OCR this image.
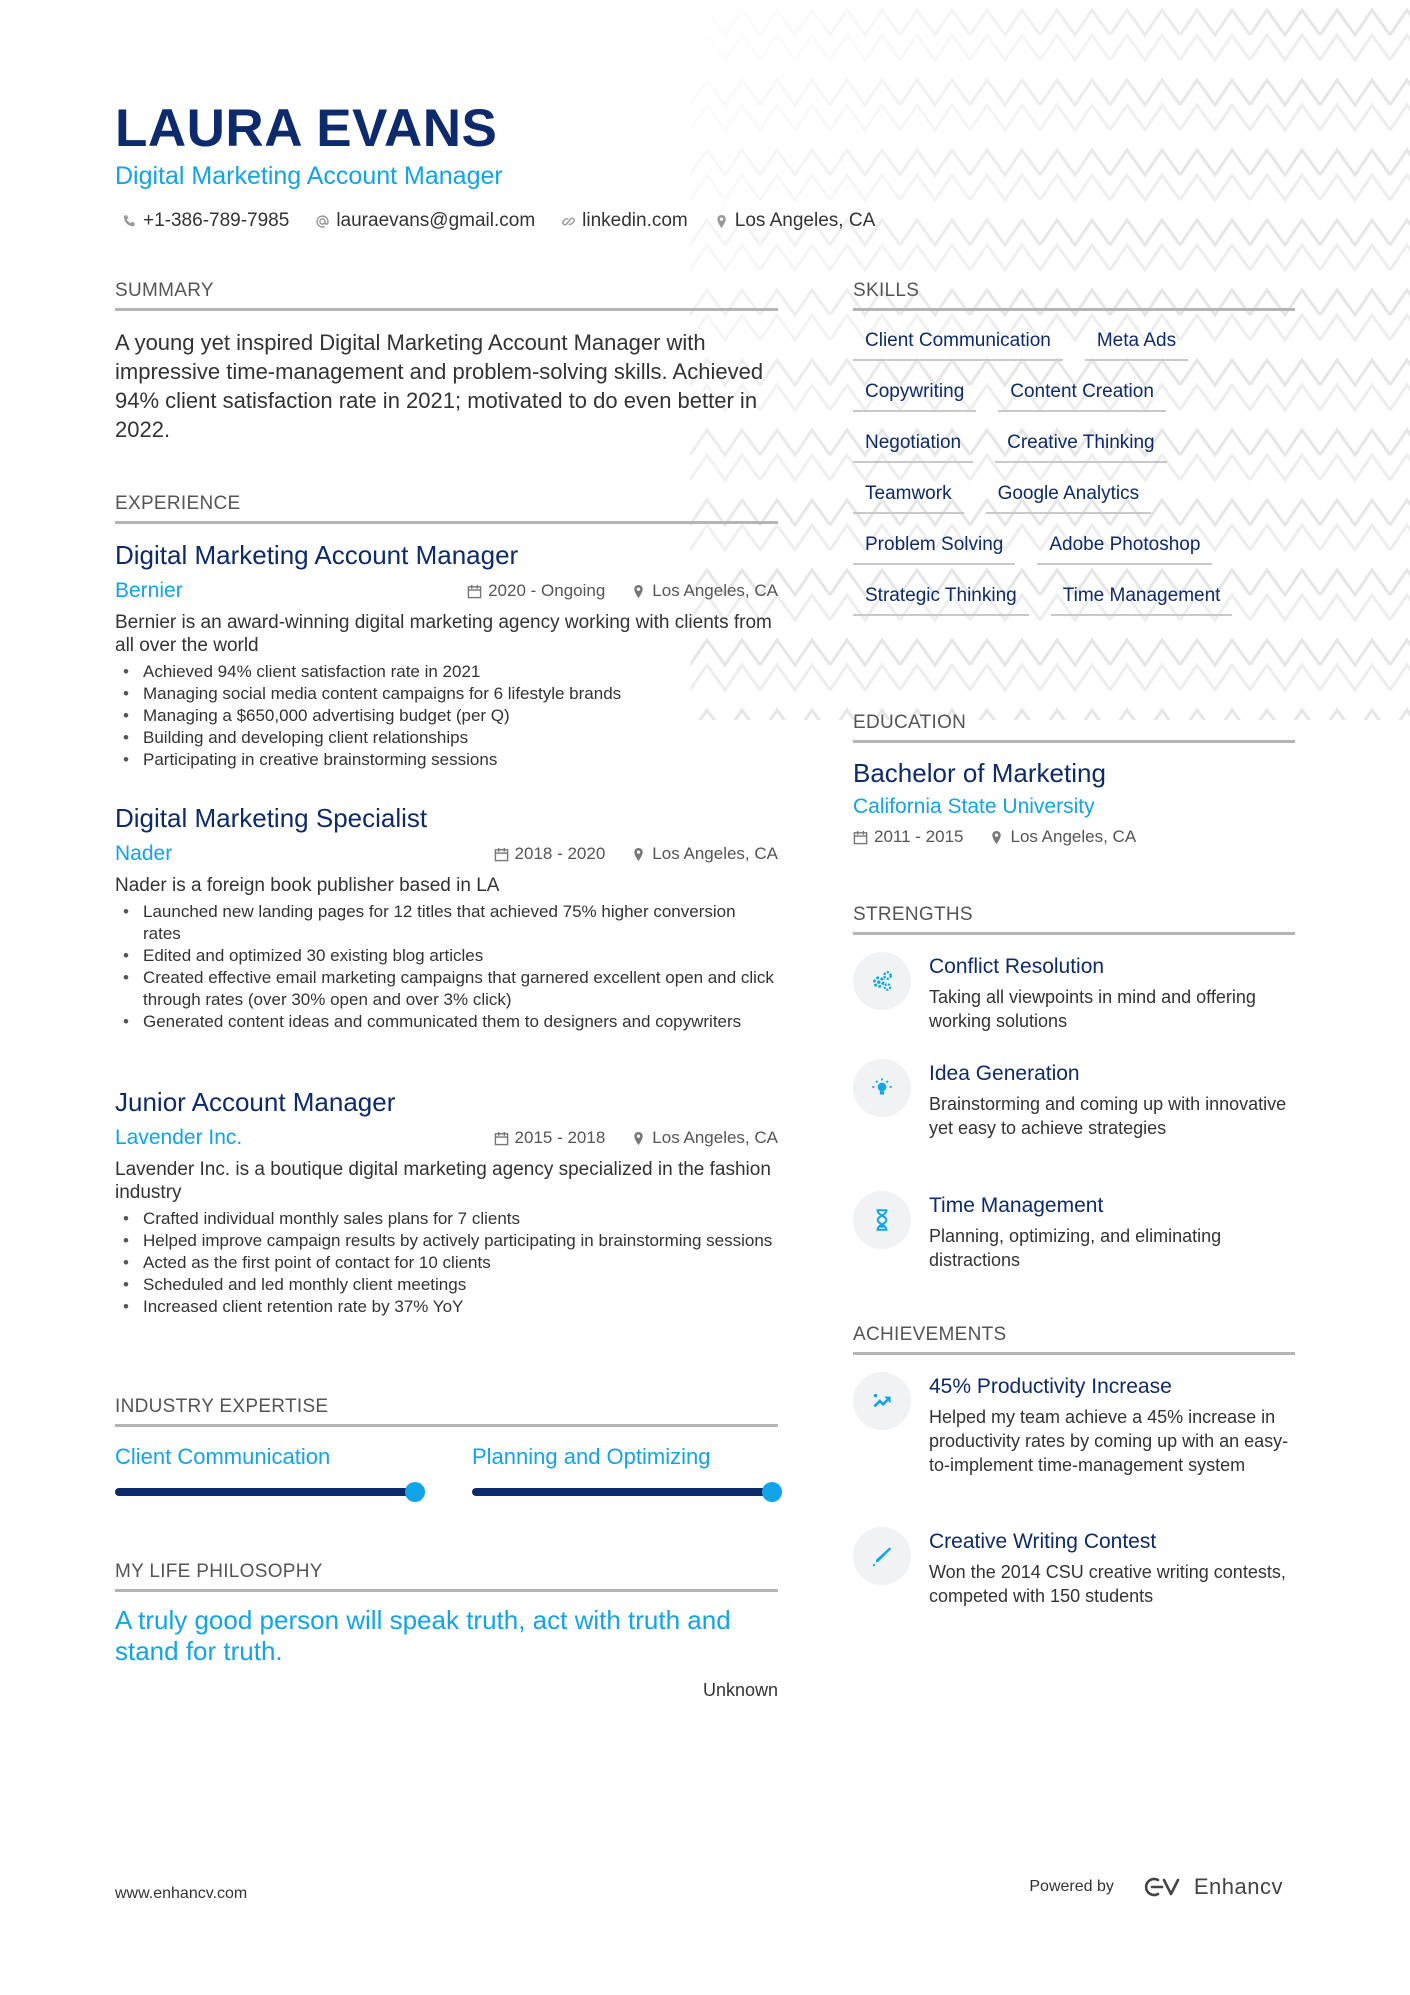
LAURA EVANS
Digital Marketing Account Manager
+1-386-789-7985 lauraevans@gmail.com linkedin.com Los Angeles, CA
SUMMARY
A young yet inspired Digital Marketing Account Manager with impressive time-management and problem-solving skills. Achieved 94% client satisfaction rate in 2021; motivated to do even better in 2022.
EXPERIENCE
Digital Marketing Account Manager
Bernier	2020 - Ongoing	Los Angeles, CA
Bernier is an award-winning digital marketing agency working with clients from all over the world
• Achieved 94% client satisfaction rate in 2021
• Managing social media content campaigns for 6 lifestyle brands
• Managing a $650,000 advertising budget (per Q)
• Building and developing client relationships
• Participating in creative brainstorming sessions
Digital Marketing Specialist
Nader	2018 - 2020	Los Angeles, CA
Nader is a foreign book publisher based in LA
• Launched new landing pages for 12 titles that achieved 75% higher conversion rates
• Edited and optimized 30 existing blog articles
• Created effective email marketing campaigns that garnered excellent open and click through rates (over 30% open and over 3% click)
• Generated content ideas and communicated them to designers and copywriters
Junior Account Manager
Lavender Inc.	2015 - 2018	Los Angeles, CA
Lavender Inc. is a boutique digital marketing agency specialized in the fashion industry
• Crafted individual monthly sales plans for 7 clients
• Helped improve campaign results by actively participating in brainstorming sessions
• Acted as the first point of contact for 10 clients
• Scheduled and led monthly client meetings
• Increased client retention rate by 37% YoY
INDUSTRY EXPERTISE
Client Communication	Planning and Optimizing
MY LIFE PHILOSOPHY
A truly good person will speak truth, act with truth and stand for truth.
Unknown
SKILLS
Client Communication	Meta Ads
Copywriting	Content Creation
Negotiation	Creative Thinking
Teamwork	Google Analytics
Problem Solving	Adobe Photoshop
Strategic Thinking	Time Management
EDUCATION
Bachelor of Marketing
California State University
2011 - 2015	Los Angeles, CA
STRENGTHS
Conflict Resolution
Taking all viewpoints in mind and offering working solutions
Idea Generation
Brainstorming and coming up with innovative yet easy to achieve strategies
Time Management
Planning, optimizing, and eliminating distractions
ACHIEVEMENTS
45% Productivity Increase
Helped my team achieve a 45% increase in productivity rates by coming up with an easy-to-implement time-management system
Creative Writing Contest
Won the 2014 CSU creative writing contests, competed with 150 students
www.enhancv.com	Powered by	Enhancv
